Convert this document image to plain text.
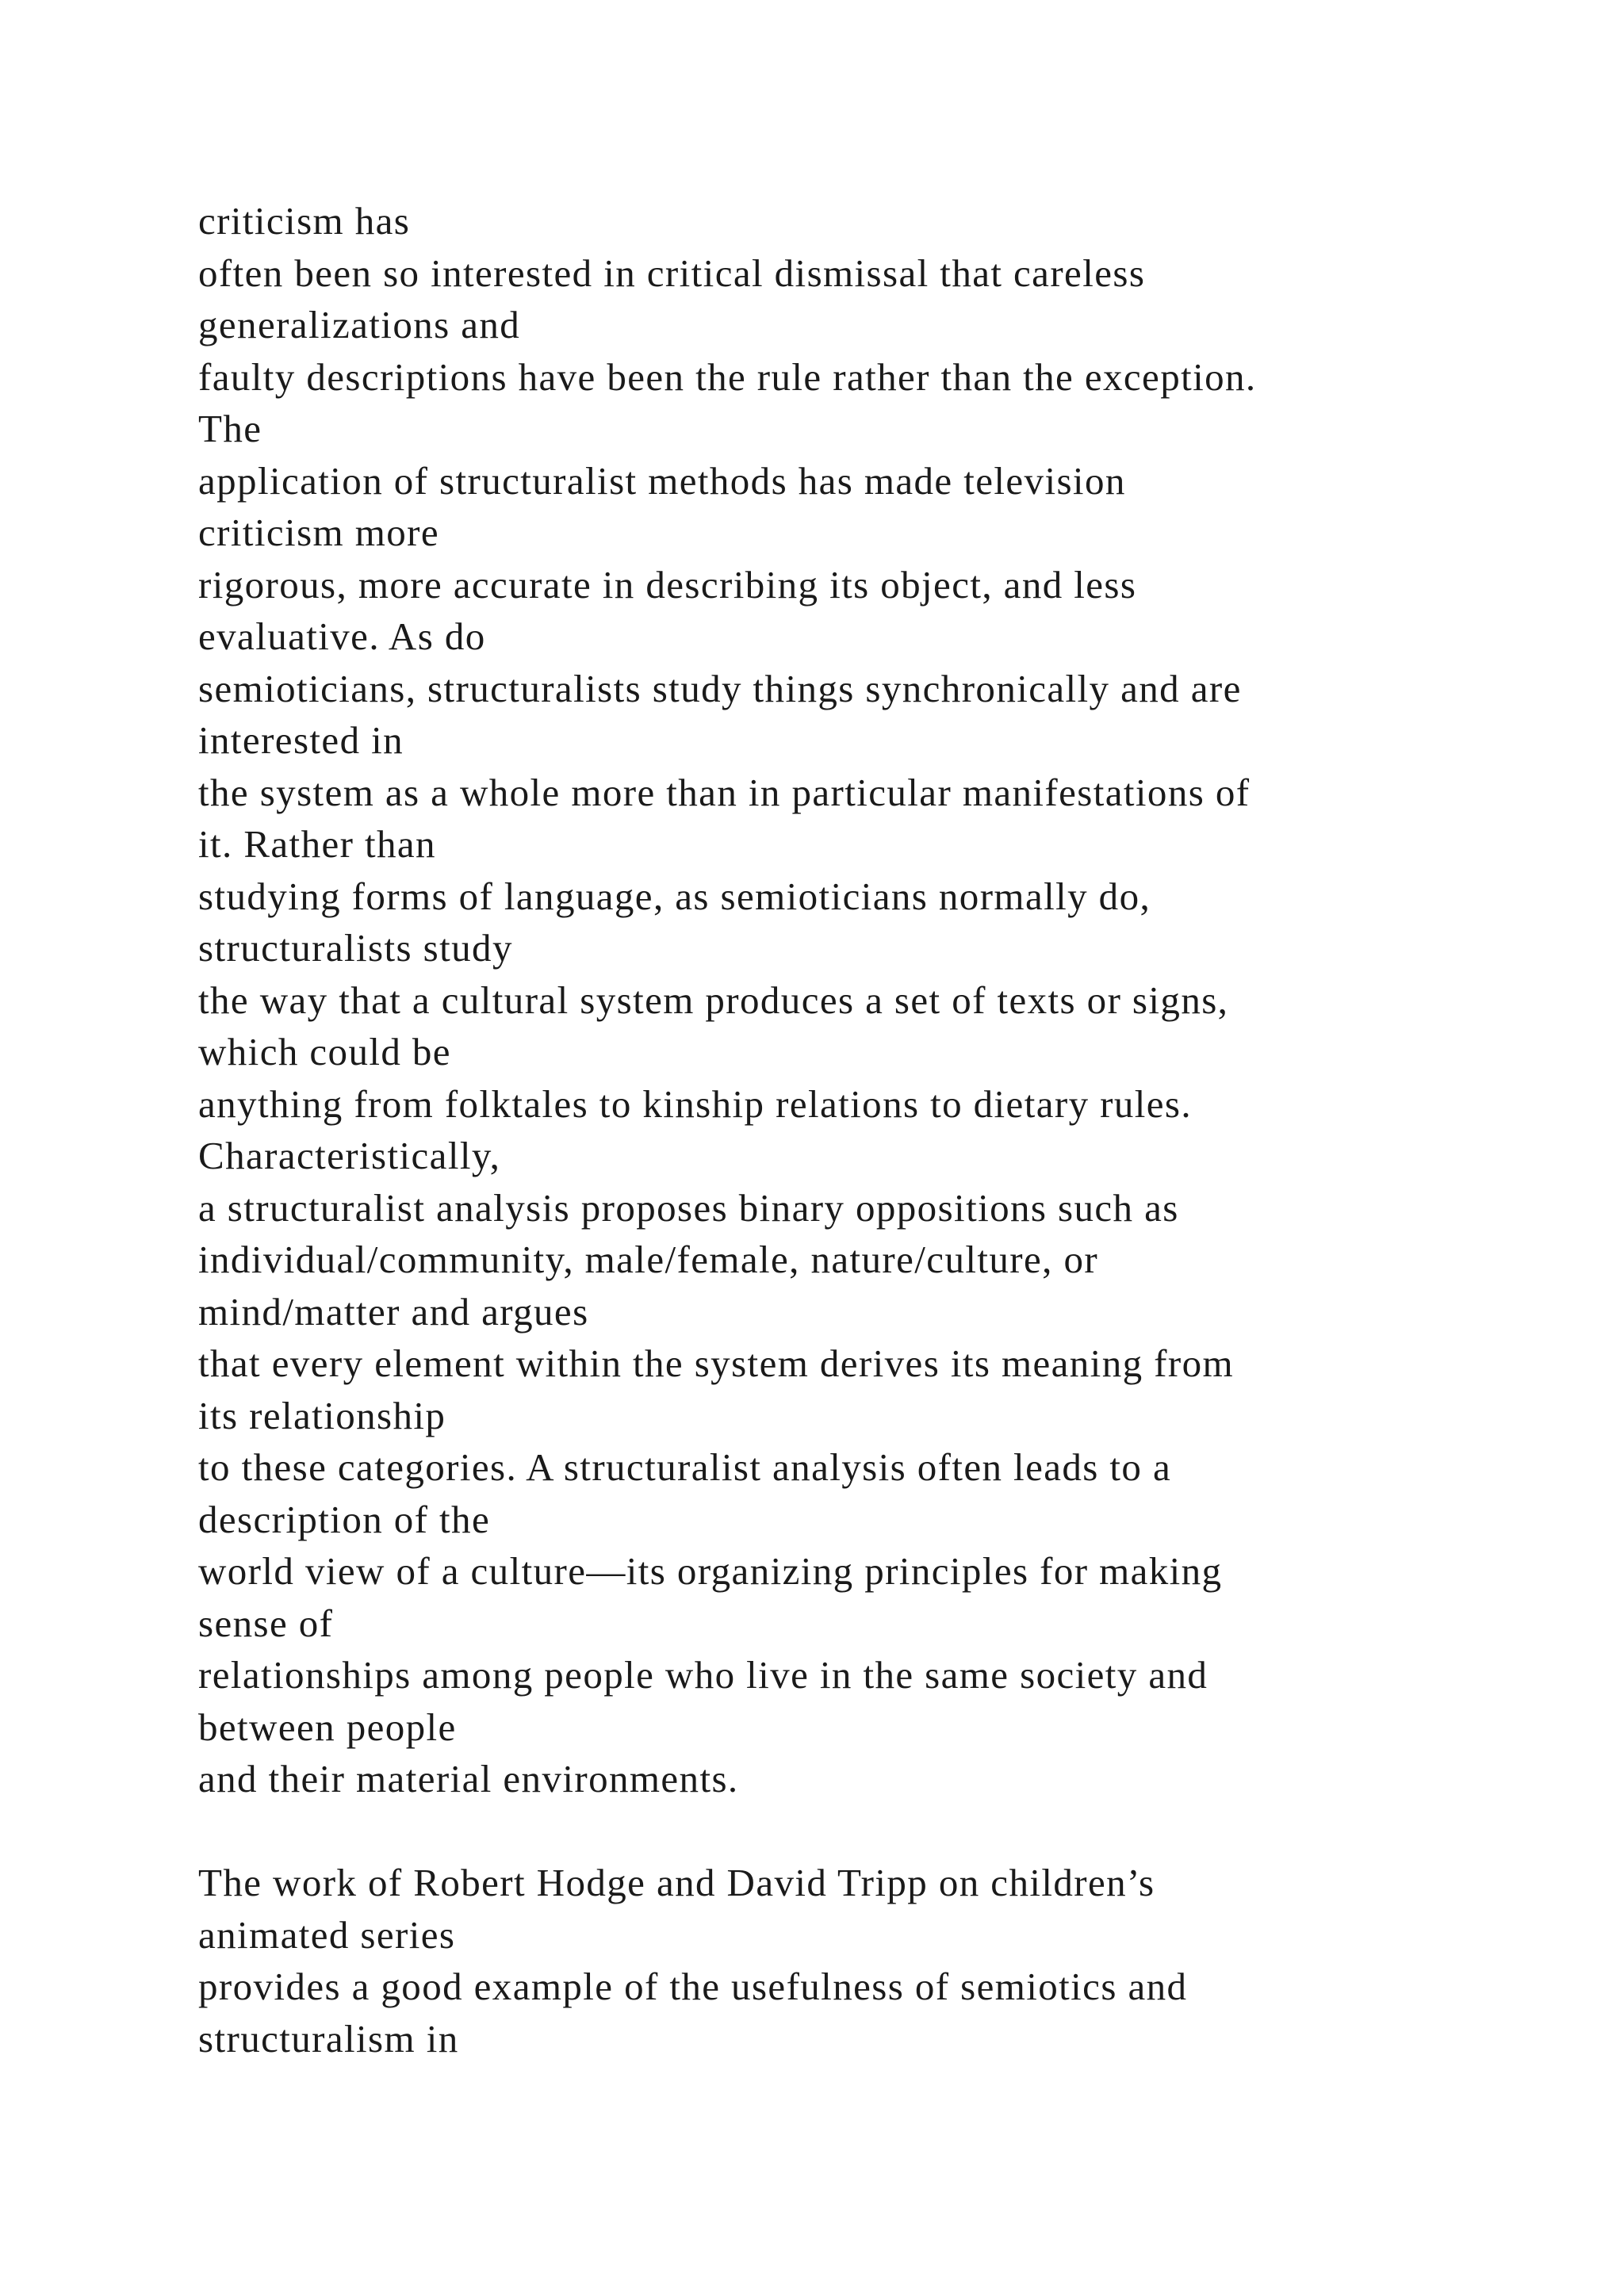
criticism has
often been so interested in critical dismissal that careless
generalizations and
faulty descriptions have been the rule rather than the exception.
The
application of structuralist methods has made television
criticism more
rigorous, more accurate in describing its object, and less
evaluative. As do
semioticians, structuralists study things synchronically and are
interested in
the system as a whole more than in particular manifestations of
it. Rather than
studying forms of language, as semioticians normally do,
structuralists study
the way that a cultural system produces a set of texts or signs,
which could be
anything from folktales to kinship relations to dietary rules.
Characteristically,
a structuralist analysis proposes binary oppositions such as
individual/community, male/female, nature/culture, or
mind/matter and argues
that every element within the system derives its meaning from
its relationship
to these categories. A structuralist analysis often leads to a
description of the
world view of a culture—its organizing principles for making
sense of
relationships among people who live in the same society and
between people
and their material environments.
The work of Robert Hodge and David Tripp on children’s
animated series
provides a good example of the usefulness of semiotics and
structuralism in
